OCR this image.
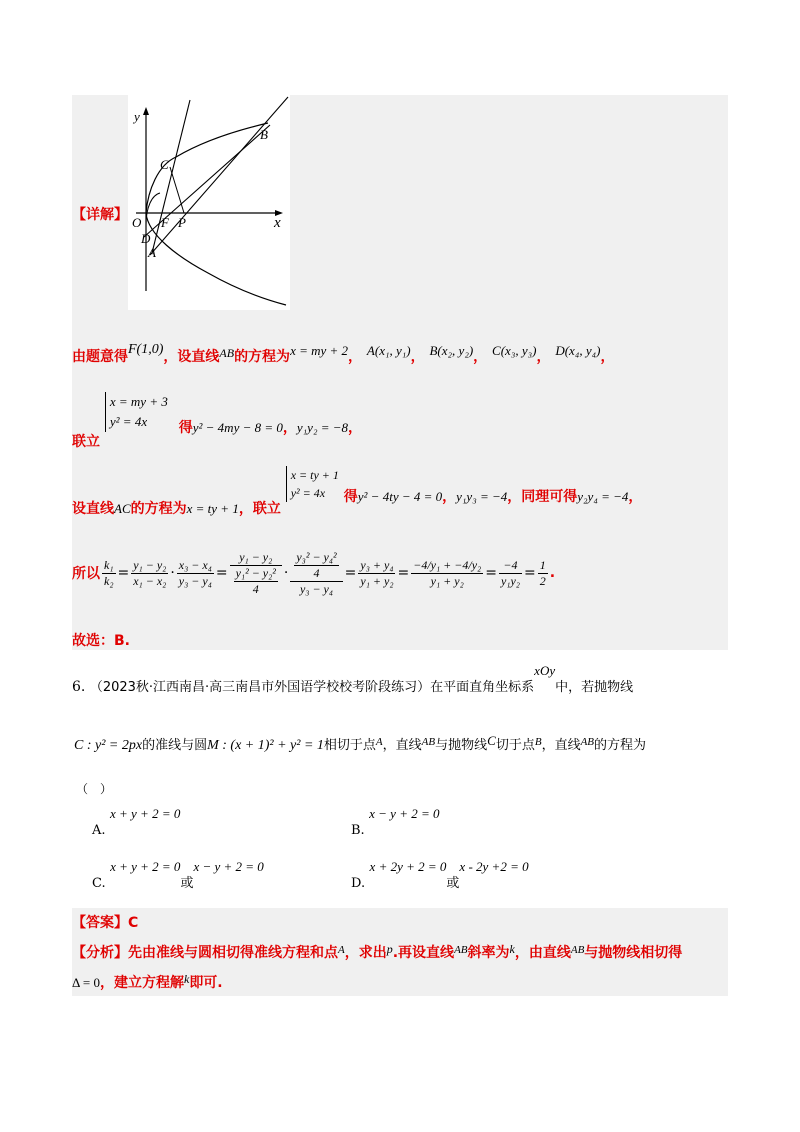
y
x
B
C
O F P
D
A
【详解】
由题意得F(1,0)，设直线AB的方程为x = my + 2， A(x₁, y₁)， B(x₂, y₂)， C(x₃, y₃)， D(x₄, y₄)，
联立
x = my + 3
y² = 4x	得y² − 4my − 8 = 0，y₁y₂ = −8，
设直线AC的方程为x = ty + 1，联立
x = ty + 1
y² = 4x	得y² − 4ty − 4 = 0，y₁y₃ = −4，同理可得y₂y₄ = −4，
所以 $\frac{\text{k₁}}{\text{k₂}} = \frac{\text{y₁ − y₂}}{\text{x₁ − x₂}} \cdot \frac{\text{x₃ − x₄}}{\text{y₃ − y₄}} = \frac{\text{y₁ − y₂}}{\frac{\text{y₁² − y₂²}}{4}} \cdot \frac{\frac{\text{y₃² − y₄²}}{4}}{\text{y₃ − y₄}} = \frac{\text{y₃ + y₄}}{\text{y₁ + y₂}} = \frac{\text{−4/y₁ + −4/y₂}}{\text{y₁ + y₂}} = \frac{-4}{\text{y₁y₂}} = \frac{1}{2}$ .
故选：B.
6. （2023秋·江西南昌·高三南昌市外国语学校校考阶段练习）在平面直角坐标系xOy中，若抛物线
C : y² = 2px的准线与圆M : (x + 1)² + y² = 1相切于点$^A$，直线$^{AB}$与抛物线C切于点$^B$，直线$^{AB}$的方程为
（　）
A. x + y + 2 = 0
B. x − y + 2 = 0
C. x + y + 2 = 0或x − y + 2 = 0
D. x + 2y + 2 = 0或x - 2y +2 = 0
【答案】C
【分析】先由准线与圆相切得准线方程和点$^A$，求出p.再设直线$^{AB}$斜率为k，由直线$^{AB}$与抛物线相切得
Δ = 0，建立方程解k即可.
